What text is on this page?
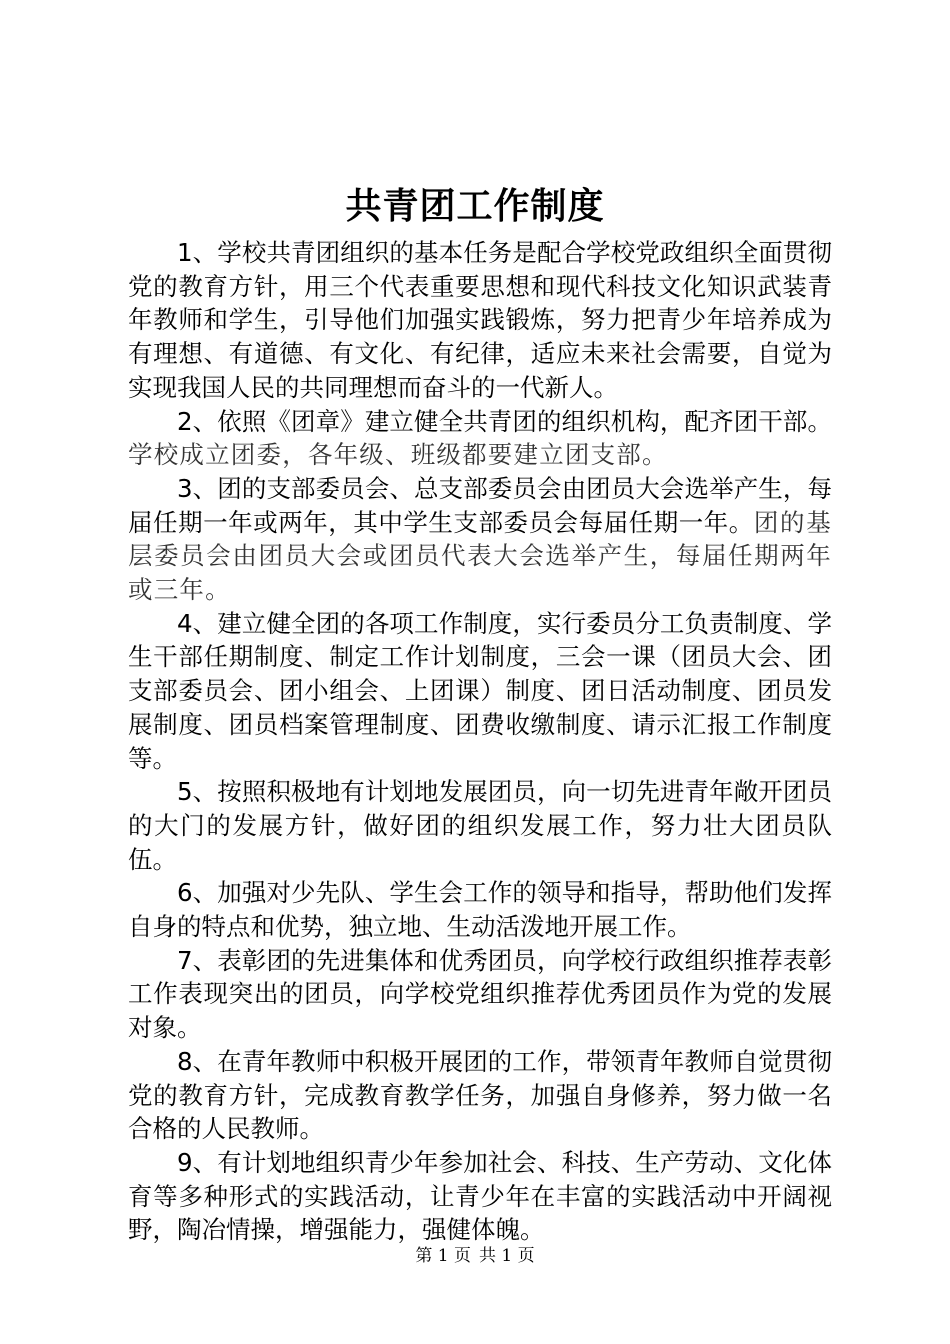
共青团工作制度

1、学校共青团组织的基本任务是配合学校党政组织全面贯彻党的教育方针，用三个代表重要思想和现代科技文化知识武装青年教师和学生，引导他们加强实践锻炼，努力把青少年培养成为有理想、有道德、有文化、有纪律，适应未来社会需要，自觉为实现我国人民的共同理想而奋斗的一代新人。

2、依照《团章》建立健全共青团的组织机构，配齐团干部。学校成立团委，各年级、班级都要建立团支部。

3、团的支部委员会、总支部委员会由团员大会选举产生，每届任期一年或两年，其中学生支部委员会每届任期一年。团的基层委员会由团员大会或团员代表大会选举产生，每届任期两年或三年。

4、建立健全团的各项工作制度，实行委员分工负责制度、学生干部任期制度、制定工作计划制度，三会一课（团员大会、团支部委员会、团小组会、上团课）制度、团日活动制度、团员发展制度、团员档案管理制度、团费收缴制度、请示汇报工作制度等。

5、按照积极地有计划地发展团员，向一切先进青年敞开团员的大门的发展方针，做好团的组织发展工作，努力壮大团员队伍。

6、加强对少先队、学生会工作的领导和指导，帮助他们发挥自身的特点和优势，独立地、生动活泼地开展工作。

7、表彰团的先进集体和优秀团员，向学校行政组织推荐表彰工作表现突出的团员，向学校党组织推荐优秀团员作为党的发展对象。

8、在青年教师中积极开展团的工作，带领青年教师自觉贯彻党的教育方针，完成教育教学任务，加强自身修养，努力做一名合格的人民教师。

9、有计划地组织青少年参加社会、科技、生产劳动、文化体育等多种形式的实践活动，让青少年在丰富的实践活动中开阔视野，陶冶情操，增强能力，强健体魄。

第 1 页 共 1 页
